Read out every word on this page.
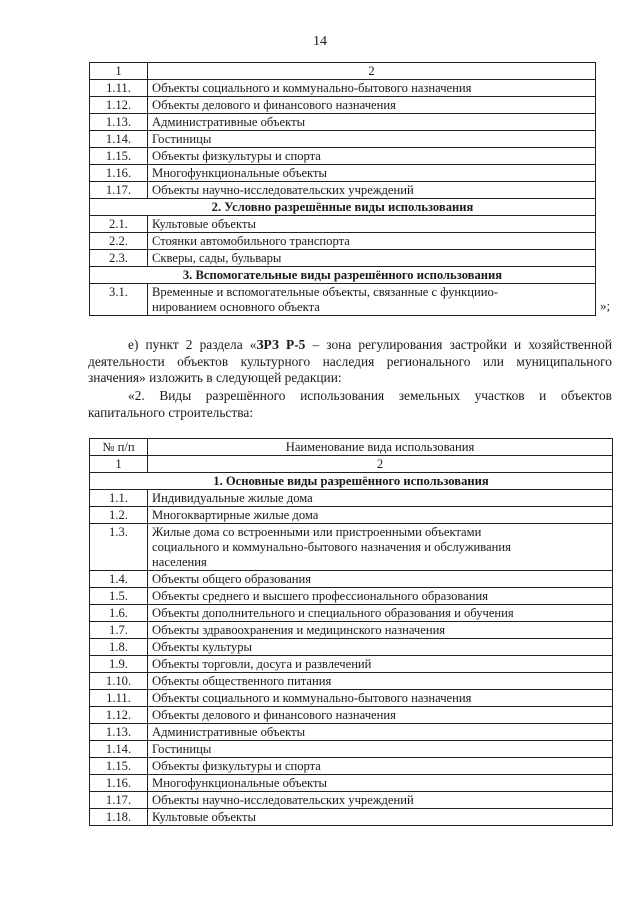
14
1	2
1.11.	Объекты социального и коммунально-бытового назначения
1.12.	Объекты делового и финансового назначения
1.13.	Административные объекты
1.14.	Гостиницы
1.15.	Объекты физкультуры и спорта
1.16.	Многофункциональные объекты
1.17.	Объекты научно-исследовательских учреждений
2. Условно разрешённые виды использования	
2.1.	Культовые объекты
2.2.	Стоянки автомобильного транспорта
2.3.	Скверы, сады, бульвары
3. Вспомогательные виды разрешённого использования	
3.1.	Временные и вспомогательные объекты, связанные с функциио-
нированием основного объекта	»;
е) пункт 2 раздела «ЗРЗ Р-5 – зона регулирования застройки и хозяйственной деятельности объектов культурного наследия регионального или муниципального значения» изложить в следующей редакции:
«2. Виды разрешённого использования земельных участков и объектов капитального строительства:
№ п/п	Наименование вида использования
1	2
1. Основные виды разрешённого использования	
1.1.	Индивидуальные жилые дома
1.2.	Многоквартирные жилые дома
1.3.	Жилые дома со встроенными или пристроенными объектами
социального и коммунально-бытового назначения и обслуживания
населения

1.4.	Объекты общего образования
1.5.	Объекты среднего и высшего профессионального образования
1.6.	Объекты дополнительного и специального образования и обучения
1.7.	Объекты здравоохранения и медицинского назначения
1.8.	Объекты культуры
1.9.	Объекты торговли, досуга и развлечений
1.10.	Объекты общественного питания
1.11.	Объекты социального и коммунально-бытового назначения
1.12.	Объекты делового и финансового назначения
1.13.	Административные объекты
1.14.	Гостиницы
1.15.	Объекты физкультуры и спорта
1.16.	Многофункциональные объекты
1.17.	Объекты научно-исследовательских учреждений
1.18.	Культовые объекты
